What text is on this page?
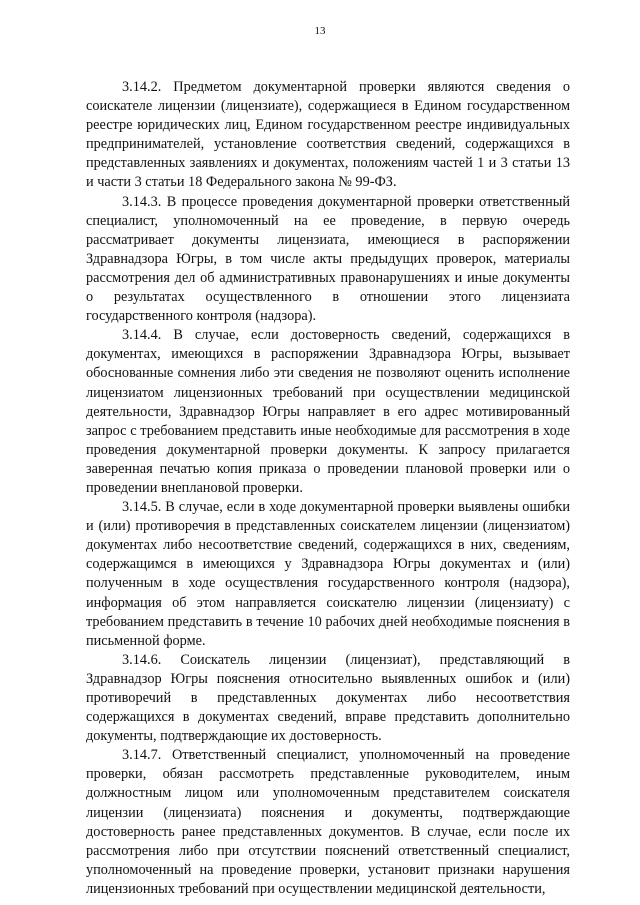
13

3.14.2. Предметом документарной проверки являются сведения о соискателе лицензии (лицензиате), содержащиеся в Едином государственном реестре юридических лиц, Едином государственном реестре индивидуальных предпринимателей, установление соответствия сведений, содержащихся в представленных заявлениях и документах, положениям частей 1 и 3 статьи 13 и части 3 статьи 18 Федерального закона № 99-ФЗ.

3.14.3. В процессе проведения документарной проверки ответственный специалист, уполномоченный на ее проведение, в первую очередь рассматривает документы лицензиата, имеющиеся в распоряжении Здравнадзора Югры, в том числе акты предыдущих проверок, материалы рассмотрения дел об административных правонарушениях и иные документы о результатах осуществленного в отношении этого лицензиата государственного контроля (надзора).

3.14.4. В случае, если достоверность сведений, содержащихся в документах, имеющихся в распоряжении Здравнадзора Югры, вызывает обоснованные сомнения либо эти сведения не позволяют оценить исполнение лицензиатом лицензионных требований при осуществлении медицинской деятельности, Здравнадзор Югры направляет в его адрес мотивированный запрос с требованием представить иные необходимые для рассмотрения в ходе проведения документарной проверки документы. К запросу прилагается заверенная печатью копия приказа о проведении плановой проверки или о проведении внеплановой проверки.

3.14.5. В случае, если в ходе документарной проверки выявлены ошибки и (или) противоречия в представленных соискателем лицензии (лицензиатом) документах либо несоответствие сведений, содержащихся в них, сведениям, содержащимся в имеющихся у Здравнадзора Югры документах и (или) полученным в ходе осуществления государственного контроля (надзора), информация об этом направляется соискателю лицензии (лицензиату) с требованием представить в течение 10 рабочих дней необходимые пояснения в письменной форме.

3.14.6. Соискатель лицензии (лицензиат), представляющий в Здравнадзор Югры пояснения относительно выявленных ошибок и (или) противоречий в представленных документах либо несоответствия содержащихся в документах сведений, вправе представить дополнительно документы, подтверждающие их достоверность.

3.14.7. Ответственный специалист, уполномоченный на проведение проверки, обязан рассмотреть представленные руководителем, иным должностным лицом или уполномоченным представителем соискателя лицензии (лицензиата) пояснения и документы, подтверждающие достоверность ранее представленных документов. В случае, если после их рассмотрения либо при отсутствии пояснений ответственный специалист, уполномоченный на проведение проверки, установит признаки нарушения лицензионных требований при осуществлении медицинской деятельности,
